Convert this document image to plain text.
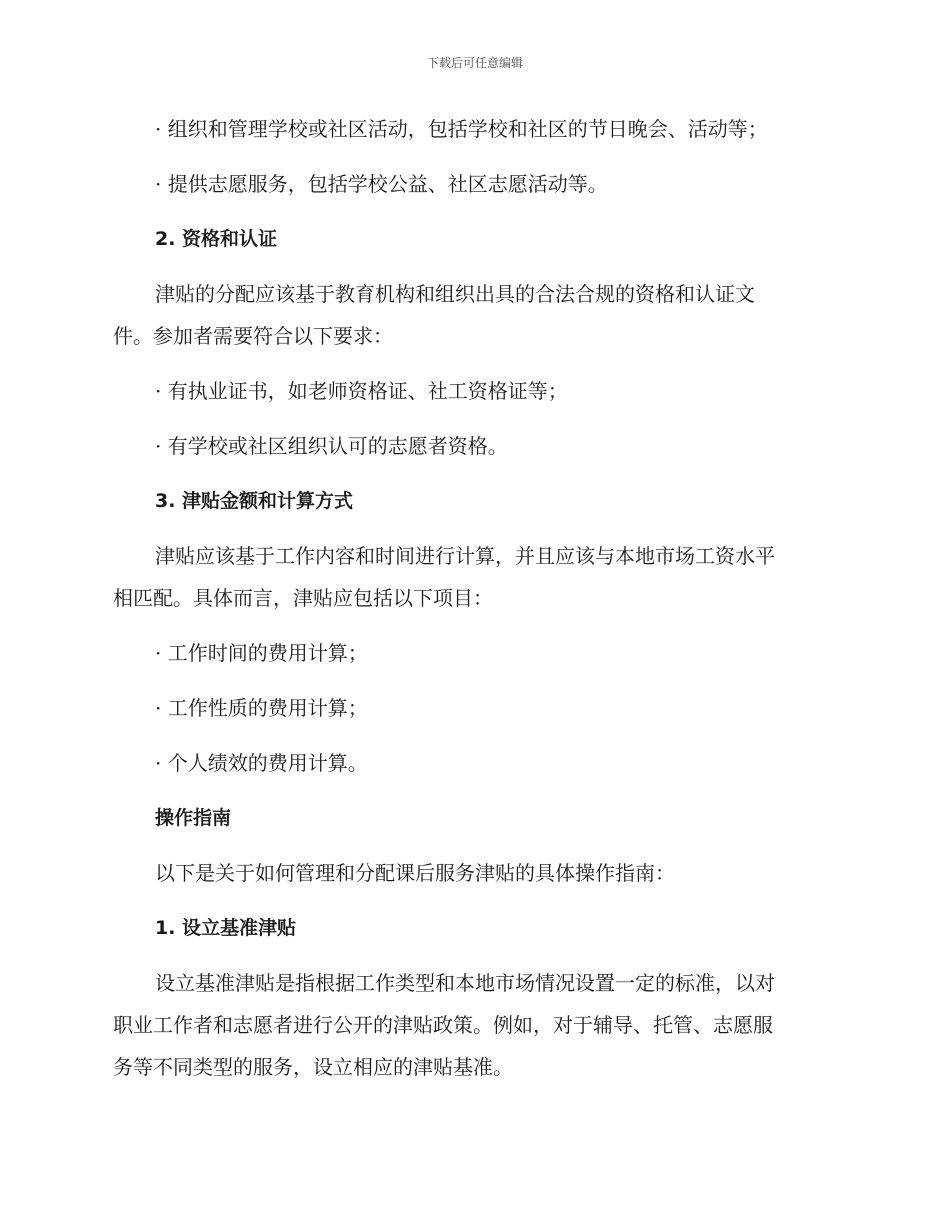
下载后可任意编辑

· 组织和管理学校或社区活动，包括学校和社区的节日晚会、活动等；

· 提供志愿服务，包括学校公益、社区志愿活动等。

2. 资格和认证

津贴的分配应该基于教育机构和组织出具的合法合规的资格和认证文

件。参加者需要符合以下要求：

· 有执业证书，如老师资格证、社工资格证等；

· 有学校或社区组织认可的志愿者资格。

3. 津贴金额和计算方式

津贴应该基于工作内容和时间进行计算，并且应该与本地市场工资水平

相匹配。具体而言，津贴应包括以下项目：

· 工作时间的费用计算；

· 工作性质的费用计算；

· 个人绩效的费用计算。

操作指南

以下是关于如何管理和分配课后服务津贴的具体操作指南：

1. 设立基准津贴

设立基准津贴是指根据工作类型和本地市场情况设置一定的标准，以对

职业工作者和志愿者进行公开的津贴政策。例如，对于辅导、托管、志愿服

务等不同类型的服务，设立相应的津贴基准。
